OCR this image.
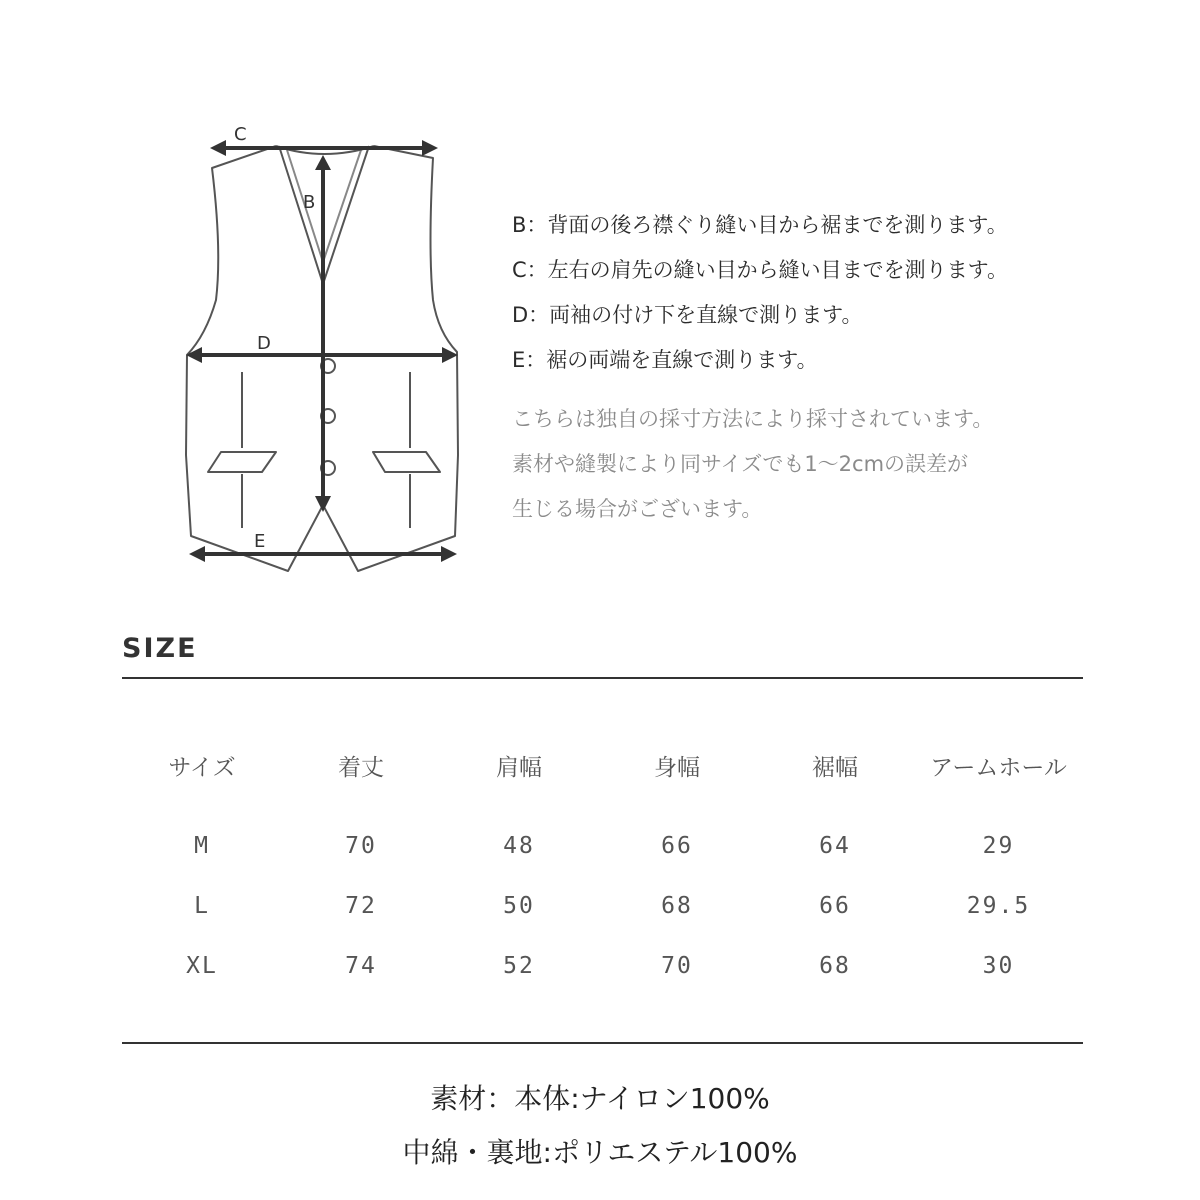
C
B
D
E
B：背面の後ろ襟ぐり縫い目から裾までを測ります。
C：左右の肩先の縫い目から縫い目までを測ります。
D：両袖の付け下を直線で測ります。
E：裾の両端を直線で測ります。
こちらは独自の採寸方法により採寸されています。
素材や縫製により同サイズでも1〜2cmの誤差が
生じる場合がございます。
SIZE
サイズ	着丈	肩幅	身幅	裾幅	アームホール
M	70	48	66	64	29
L	72	50	68	66	29.5
XL	74	52	70	68	30
素材：本体:ナイロン100%
中綿・裏地:ポリエステル100%
